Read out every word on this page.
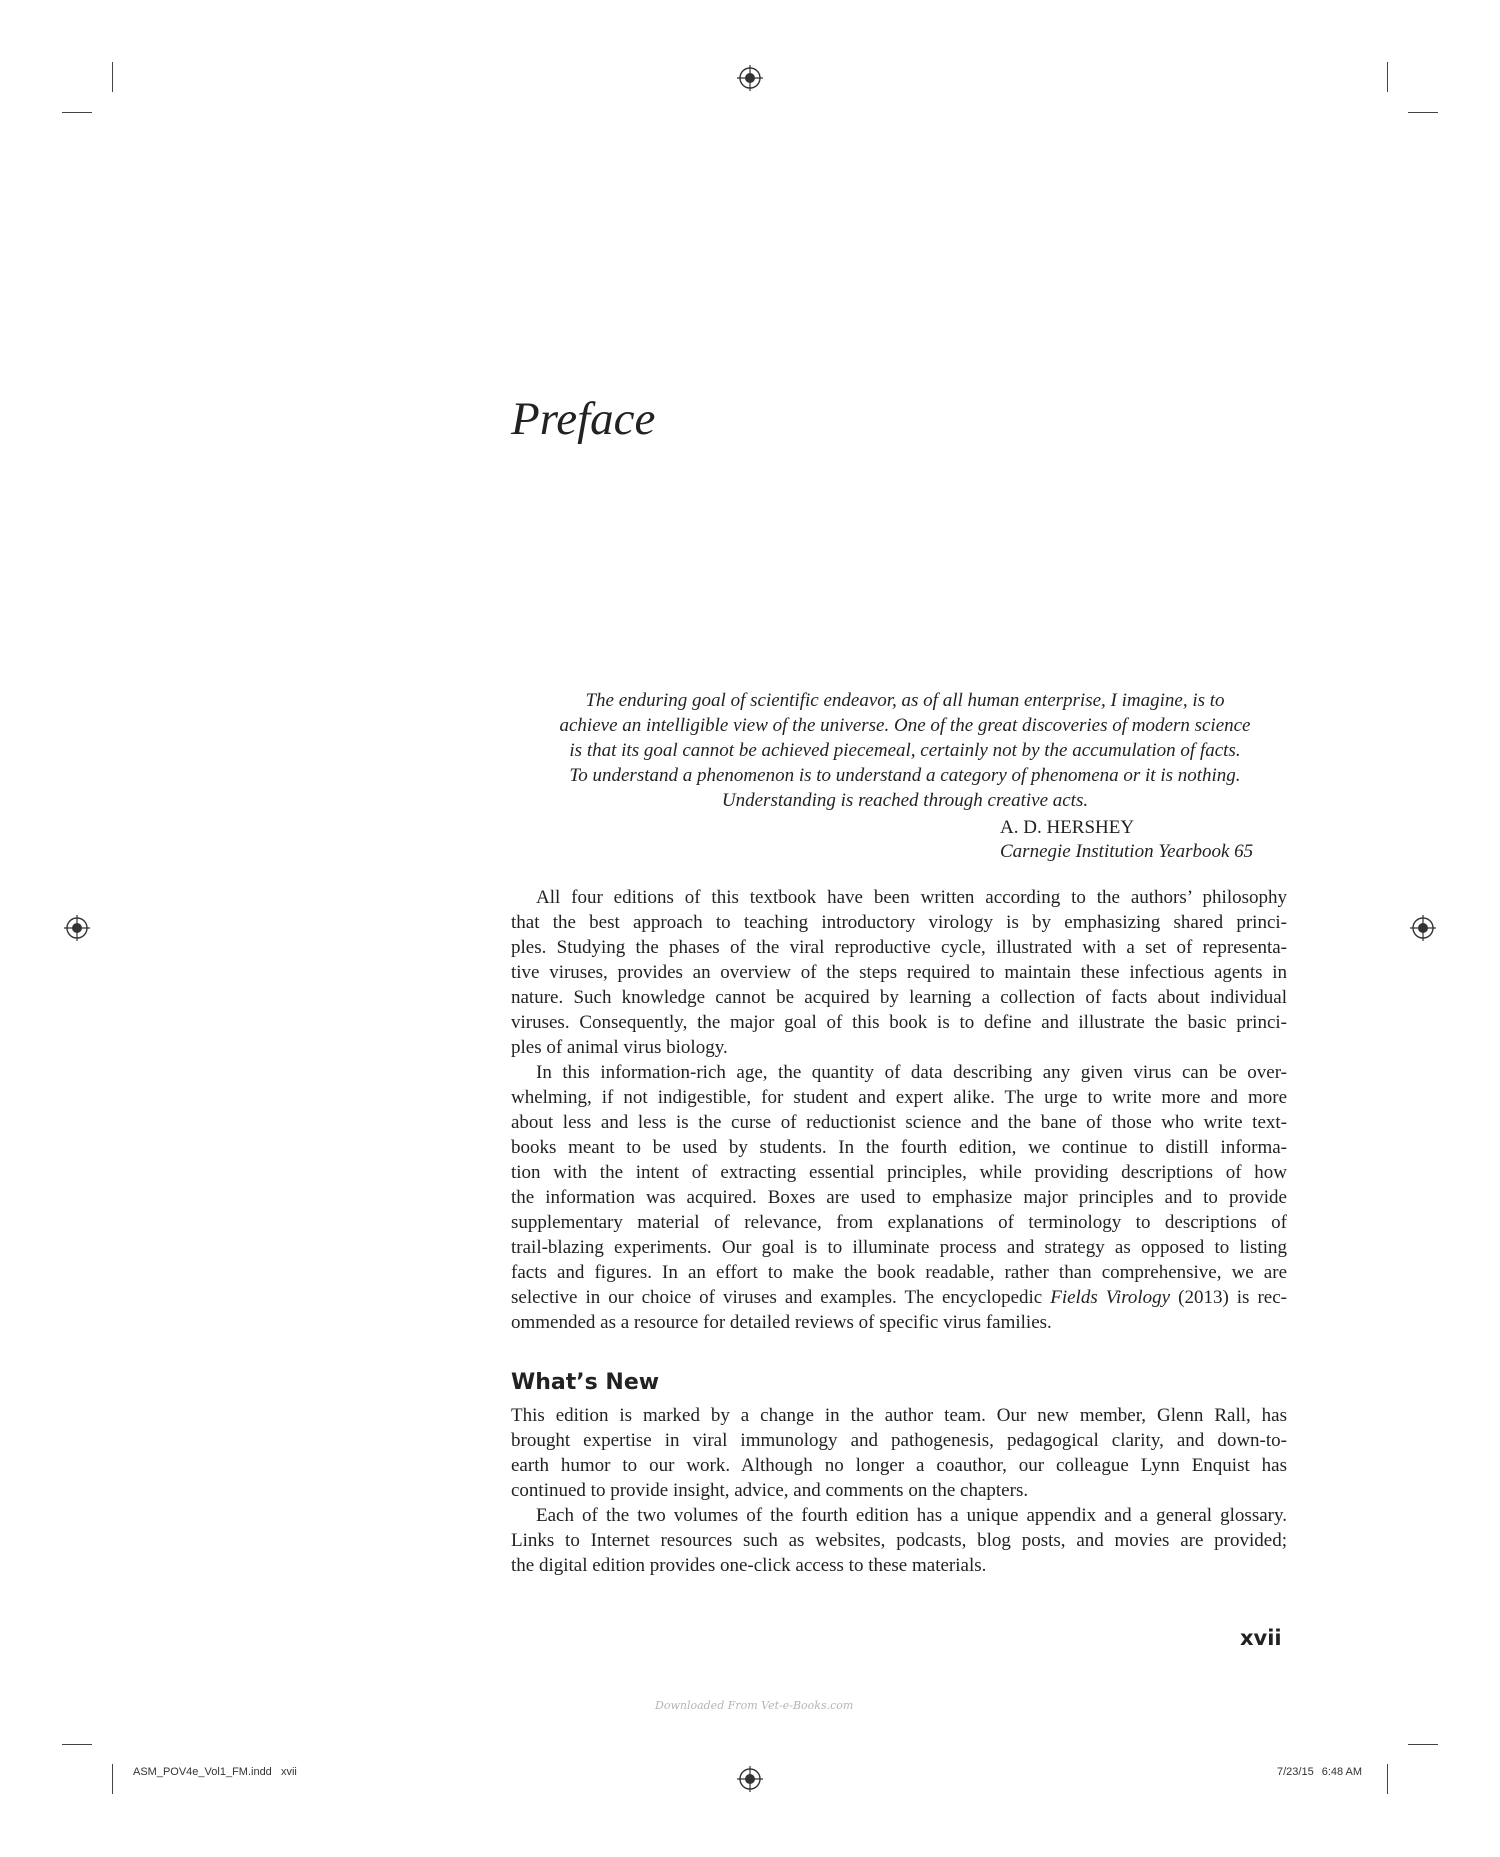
Preface

The enduring goal of scientific endeavor, as of all human enterprise, I imagine, is to

achieve an intelligible view of the universe. One of the great discoveries of modern science

is that its goal cannot be achieved piecemeal, certainly not by the accumulation of facts.

To understand a phenomenon is to understand a category of phenomena or it is nothing.

Understanding is reached through creative acts.

A. D. HERSHEY
Carnegie Institution Yearbook 65
All four editions of this textbook have been written according to the authors’ philosophy
that the best approach to teaching introductory virology is by emphasizing shared princi-
ples. Studying the phases of the viral reproductive cycle, illustrated with a set of representa-
tive viruses, provides an overview of the steps required to maintain these infectious agents in
nature. Such knowledge cannot be acquired by learning a collection of facts about individual
viruses. Consequently, the major goal of this book is to define and illustrate the basic princi-
ples of animal virus biology.
In this information-rich age, the quantity of data describing any given virus can be over-
whelming, if not indigestible, for student and expert alike. The urge to write more and more
about less and less is the curse of reductionist science and the bane of those who write text-
books meant to be used by students. In the fourth edition, we continue to distill informa-
tion with the intent of extracting essential principles, while providing descriptions of how
the information was acquired. Boxes are used to emphasize major principles and to provide
supplementary material of relevance, from explanations of terminology to descriptions of
trail-blazing experiments. Our goal is to illuminate process and strategy as opposed to listing
facts and figures. In an effort to make the book readable, rather than comprehensive, we are
selective in our choice of viruses and examples. The encyclopedic Fields Virology (2013) is rec-
ommended as a resource for detailed reviews of specific virus families.
What’s New
This edition is marked by a change in the author team. Our new member, Glenn Rall, has
brought expertise in viral immunology and pathogenesis, pedagogical clarity, and down-to-
earth humor to our work. Although no longer a coauthor, our colleague Lynn Enquist has
continued to provide insight, advice, and comments on the chapters.
Each of the two volumes of the fourth edition has a unique appendix and a general glossary.
Links to Internet resources such as websites, podcasts, blog posts, and movies are provided;
the digital edition provides one-click access to these materials.
xvii
Downloaded From Vet-e-Books.com
ASM_POV4e_Vol1_FM.indd   xvii	7/23/15 6:48 AM
